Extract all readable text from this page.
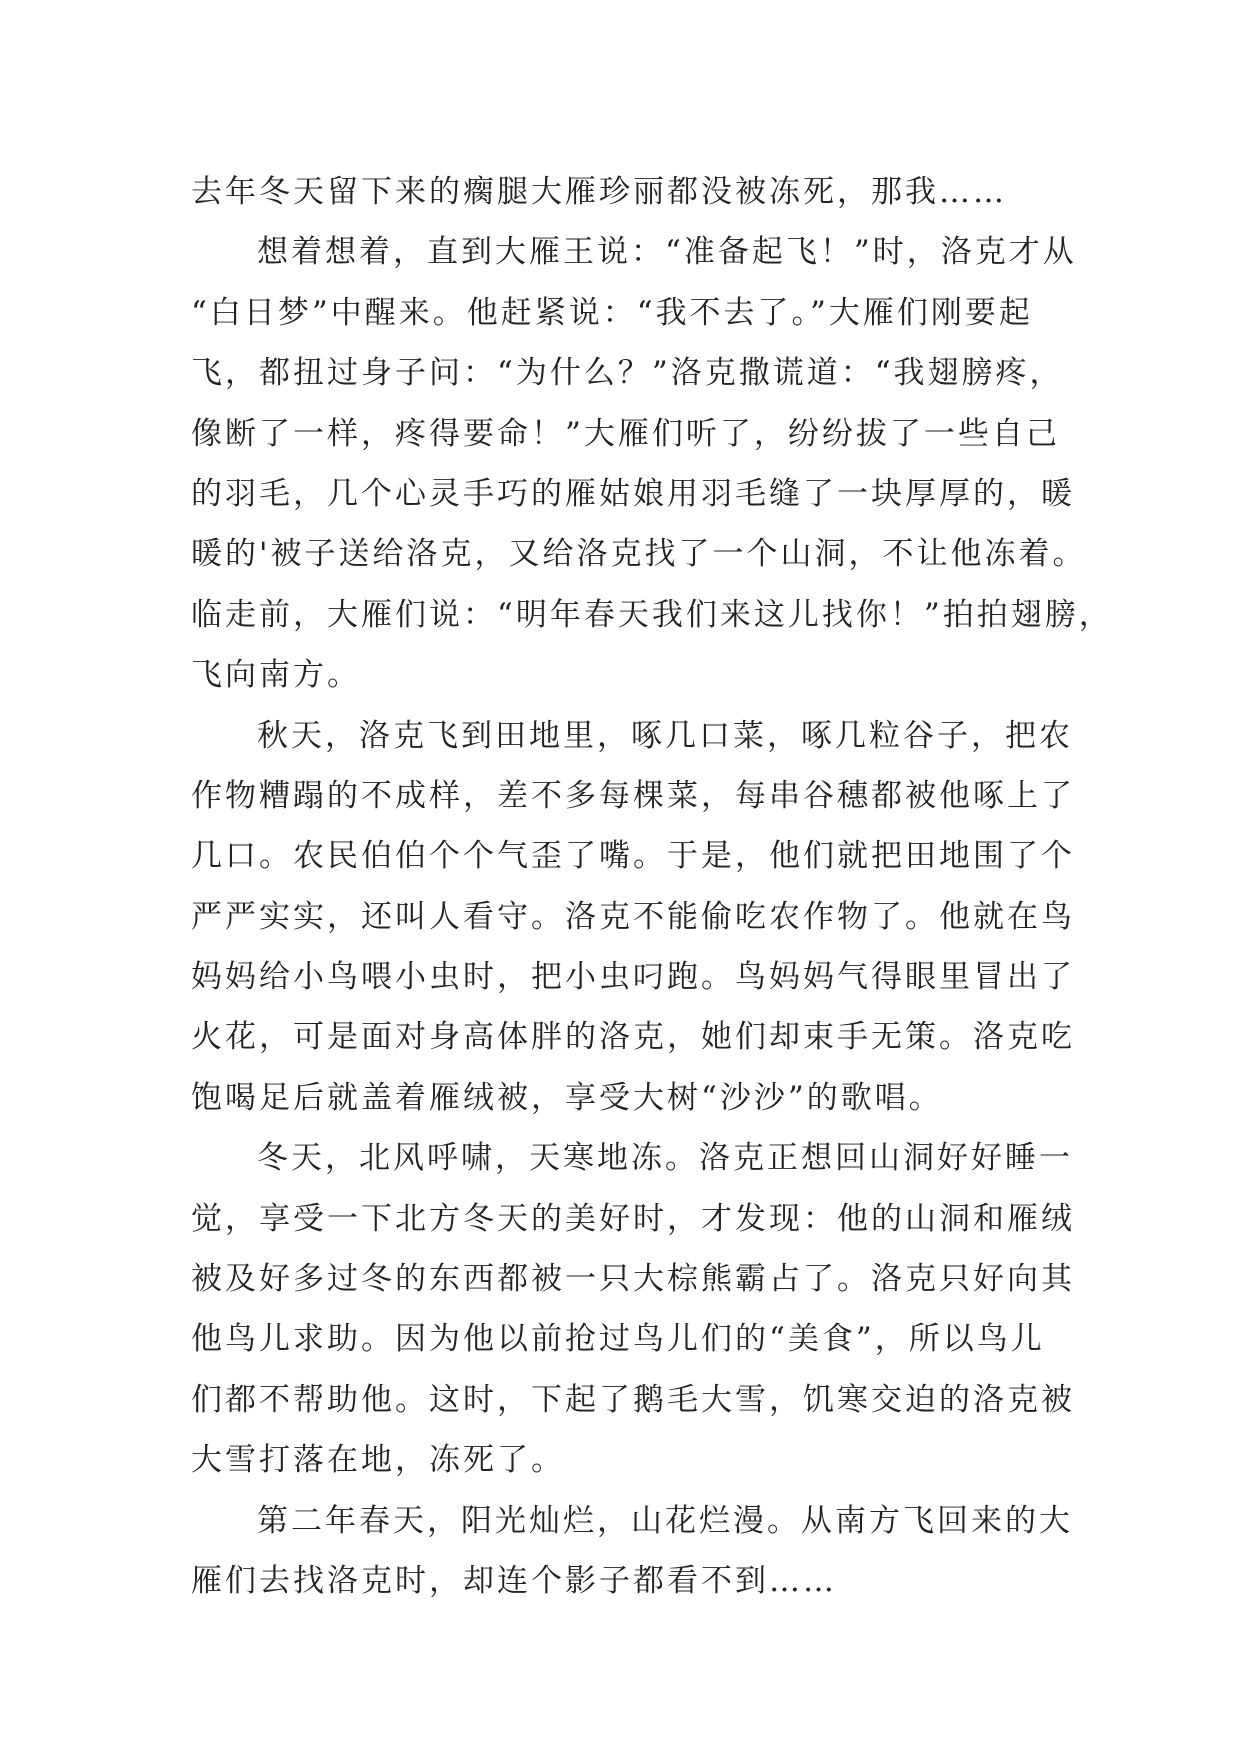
去年冬天留下来的瘸腿大雁珍丽都没被冻死，那我……
想着想着，直到大雁王说：“准备起飞！”时，洛克才从
“白日梦”中醒来。他赶紧说：“我不去了。”大雁们刚要起
飞，都扭过身子问：“为什么？”洛克撒谎道：“我翅膀疼，
像断了一样，疼得要命！”大雁们听了，纷纷拔了一些自己
的羽毛，几个心灵手巧的雁姑娘用羽毛缝了一块厚厚的，暖
暖的'被子送给洛克，又给洛克找了一个山洞，不让他冻着。
临走前，大雁们说：“明年春天我们来这儿找你！”拍拍翅膀，
飞向南方。
秋天，洛克飞到田地里，啄几口菜，啄几粒谷子，把农
作物糟蹋的不成样，差不多每棵菜，每串谷穗都被他啄上了
几口。农民伯伯个个气歪了嘴。于是，他们就把田地围了个
严严实实，还叫人看守。洛克不能偷吃农作物了。他就在鸟
妈妈给小鸟喂小虫时，把小虫叼跑。鸟妈妈气得眼里冒出了
火花，可是面对身高体胖的洛克，她们却束手无策。洛克吃
饱喝足后就盖着雁绒被，享受大树“沙沙”的歌唱。
冬天，北风呼啸，天寒地冻。洛克正想回山洞好好睡一
觉，享受一下北方冬天的美好时，才发现：他的山洞和雁绒
被及好多过冬的东西都被一只大棕熊霸占了。洛克只好向其
他鸟儿求助。因为他以前抢过鸟儿们的“美食”，所以鸟儿
们都不帮助他。这时，下起了鹅毛大雪，饥寒交迫的洛克被
大雪打落在地，冻死了。
第二年春天，阳光灿烂，山花烂漫。从南方飞回来的大
雁们去找洛克时，却连个影子都看不到……
